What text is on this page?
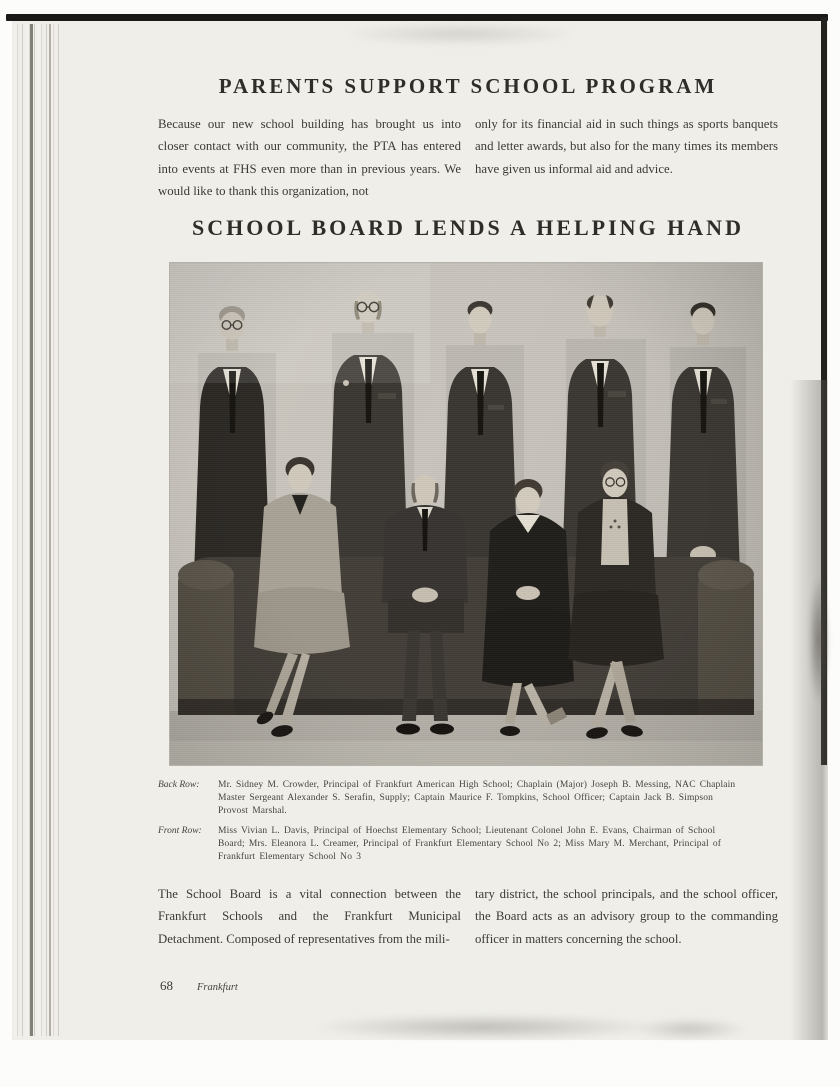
PARENTS SUPPORT SCHOOL PROGRAM

Because our new school building has brought us into closer contact with our community, the PTA has entered into events at FHS even more than in previous years. We would like to thank this organization, not

only for its financial aid in such things as sports banquets and letter awards, but also for the many times its members have given us informal aid and advice.

SCHOOL BOARD LENDS A HELPING HAND
Back Row:	Mr. Sidney M. Crowder, Principal of Frankfurt American High School; Chaplain (Major) Joseph B. Messing, NAC Chaplain
Master Sergeant Alexander S. Serafin, Supply; Captain Maurice F. Tompkins, School Officer; Captain Jack B. Simpson
Provost Marshal.
Front Row:	Miss Vivian L. Davis, Principal of Hoechst Elementary School; Lieutenant Colonel John E. Evans, Chairman of School
Board; Mrs. Eleanora L. Creamer, Principal of Frankfurt Elementary School No 2; Miss Mary M. Merchant, Principal of
Frankfurt Elementary School No 3

The School Board is a vital connection between the Frankfurt Schools and the Frankfurt Municipal Detachment. Composed of representatives from the mili-

tary district, the school principals, and the school officer, the Board acts as an advisory group to the commanding officer in matters concerning the school.

68 Frankfurt
